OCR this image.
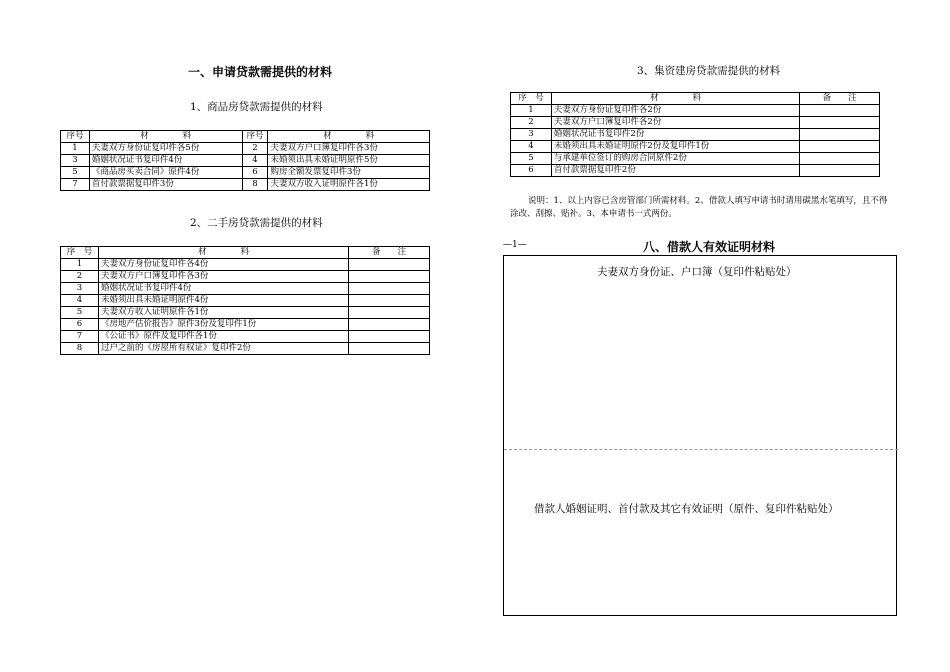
一、申请贷款需提供的材料
1、商品房贷款需提供的材料
序号	材　　　　料	序号	材　　　　料
1	夫妻双方身份证复印件各5份	2	夫妻双方户口簿复印件各3份
3	婚姻状况证书复印件4份	4	未婚须出具未婚证明原件5份
5	《商品房买卖合同》原件4份	6	购房全额发票复印件3份
7	首付款票据复印件3份	8	夫妻双方收入证明原件各1份
2、二手房贷款需提供的材料
序　号	材　　　　料	备　　注
1	夫妻双方身份证复印件各4份	
2	夫妻双方户口簿复印件各3份	
3	婚姻状况证书复印件4份	
4	未婚须出具未婚证明原件4份	
5	夫妻双方收入证明原件各1份	
6	《房地产估价报告》原件3份及复印件1份	
7	《公证书》原件及复印件各1份	
8	过户之前的《房屋所有权证》复印件2份	
3、集资建房贷款需提供的材料
序　号	材　　　　料	备　　注
1	夫妻双方身份证复印件各2份	
2	夫妻双方户口簿复印件各2份	
3	婚姻状况证书复印件2份	
4	未婚须出具未婚证明原件2份及复印件1份	
5	与承建单位签订的购房合同原件2份	
6	首付款票据复印件2份	
说明：1、以上内容已含房管部门所需材料。2、借款人填写申请书时请用碳黑水笔填写，且不得涂改、刮擦、贴补。3、本申请书一式两份。
—1—	八、借款人有效证明材料
夫妻双方身份证、户口簿（复印件粘贴处）
借款人婚姻证明、首付款及其它有效证明（原件、复印件粘贴处）
